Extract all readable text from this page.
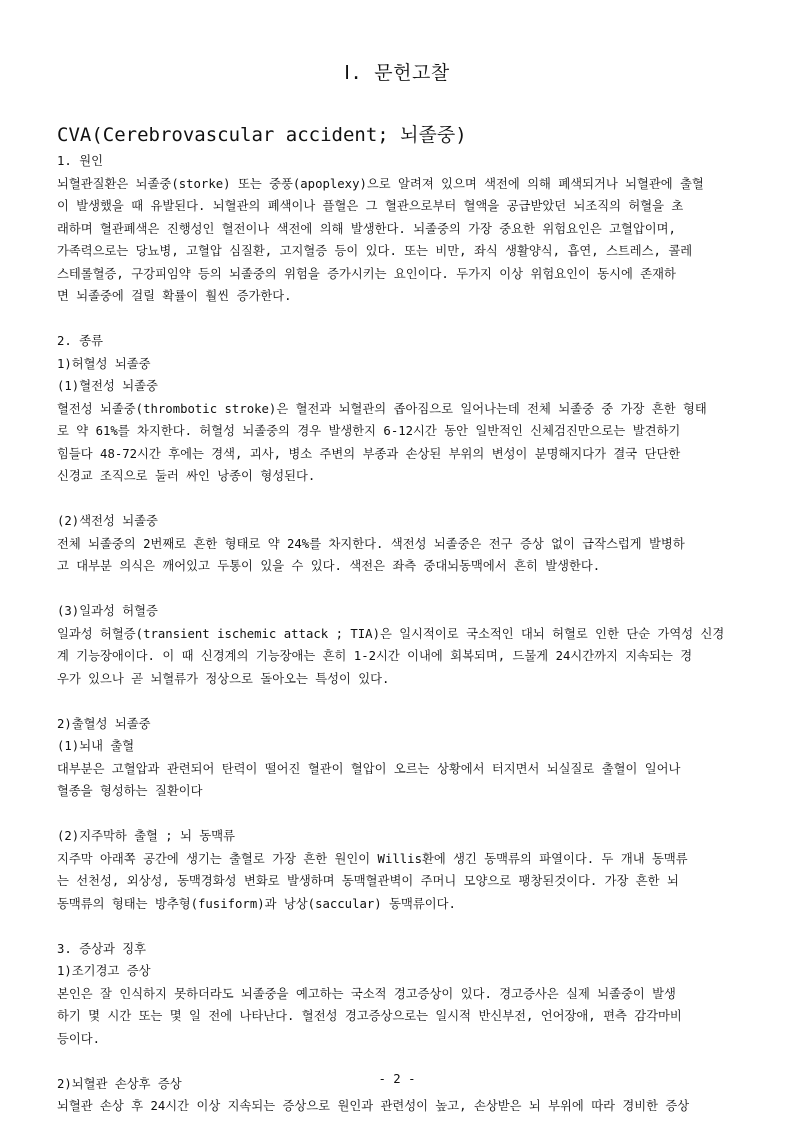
Ⅰ. 문헌고찰
CVA(Cerebrovascular accident; 뇌졸중)
1. 원인
뇌혈관질환은 뇌졸중(storke) 또는 중풍(apoplexy)으로 알려져 있으며 색전에 의해 폐색되거나 뇌혈관에 출혈
이 발생했을 때 유발된다. 뇌혈관의 폐색이나 플혈은 그 혈관으로부터 혈액을 공급받았던 뇌조직의 허혈을 초
래하며 혈관폐색은 진행성인 혈전이나 색전에 의해 발생한다. 뇌졸중의 가장 중요한 위험요인은 고혈압이며,
가족력으로는 당뇨병, 고혈압 심질환, 고지혈증 등이 있다. 또는 비만, 좌식 생활양식, 흡연, 스트레스, 콜레
스테롤혈증, 구강피임약 등의 뇌졸중의 위험을 증가시키는 요인이다. 두가지 이상 위험요인이 동시에 존재하
면 뇌졸중에 걸릴 확률이 훨씬 증가한다.
2. 종류
1)허혈성 뇌졸중
(1)혈전성 뇌졸중
혈전성 뇌졸중(thrombotic stroke)은 혈전과 뇌혈관의 좁아짐으로 일어나는데 전체 뇌졸중 중 가장 흔한 형태
로 약 61%를 차지한다. 허혈성 뇌졸중의 경우 발생한지 6-12시간 동안 일반적인 신체검진만으로는 발견하기
힘들다 48-72시간 후에는 경색, 괴사, 병소 주변의 부종과 손상된 부위의 변성이 분명해지다가 결국 단단한
신경교 조직으로 둘러 싸인 낭종이 형성된다.
(2)색전성 뇌졸중
전체 뇌졸중의 2번째로 흔한 형태로 약 24%를 차지한다. 색전성 뇌졸중은 전구 증상 없이 급작스럽게 발병하
고 대부분 의식은 깨어있고 두통이 있을 수 있다. 색전은 좌측 중대뇌동맥에서 흔히 발생한다.
(3)일과성 허혈증
일과성 허혈증(transient ischemic attack ; TIA)은 일시적이로 국소적인 대뇌 허혈로 인한 단순 가역성 신경
계 기능장애이다. 이 때 신경계의 기능장애는 흔히 1-2시간 이내에 회복되며, 드물게 24시간까지 지속되는 경
우가 있으나 곧 뇌혈류가 정상으로 돌아오는 특성이 있다.
2)출혈성 뇌졸중
(1)뇌내 출혈
대부분은 고혈압과 관련되어 탄력이 떨어진 혈관이 혈압이 오르는 상황에서 터지면서 뇌실질로 출혈이 일어나
혈종을 형성하는 질환이다
(2)지주막하 출혈 ; 뇌 동맥류
지주막 아래쪽 공간에 생기는 출혈로 가장 흔한 원인이 Willis환에 생긴 동맥류의 파열이다. 두 개내 동맥류
는 선천성, 외상성, 동맥경화성 변화로 발생하며 동맥혈관벽이 주머니 모양으로 팽창된것이다. 가장 흔한 뇌
동맥류의 형태는 방추형(fusiform)과 낭상(saccular) 동맥류이다.
3. 증상과 징후
1)조기경고 증상
본인은 잘 인식하지 못하더라도 뇌졸중을 예고하는 국소적 경고증상이 있다. 경고증사은 실제 뇌졸중이 발생
하기 몇 시간 또는 몇 일 전에 나타난다. 혈전성 경고증상으로는 일시적 반신부전, 언어장애, 편측 감각마비
등이다.
2)뇌혈관 손상후 증상
뇌혈관 손상 후 24시간 이상 지속되는 증상으로 원인과 관련성이 높고, 손상받은 뇌 부위에 따라 경비한 증상
- 2 -
